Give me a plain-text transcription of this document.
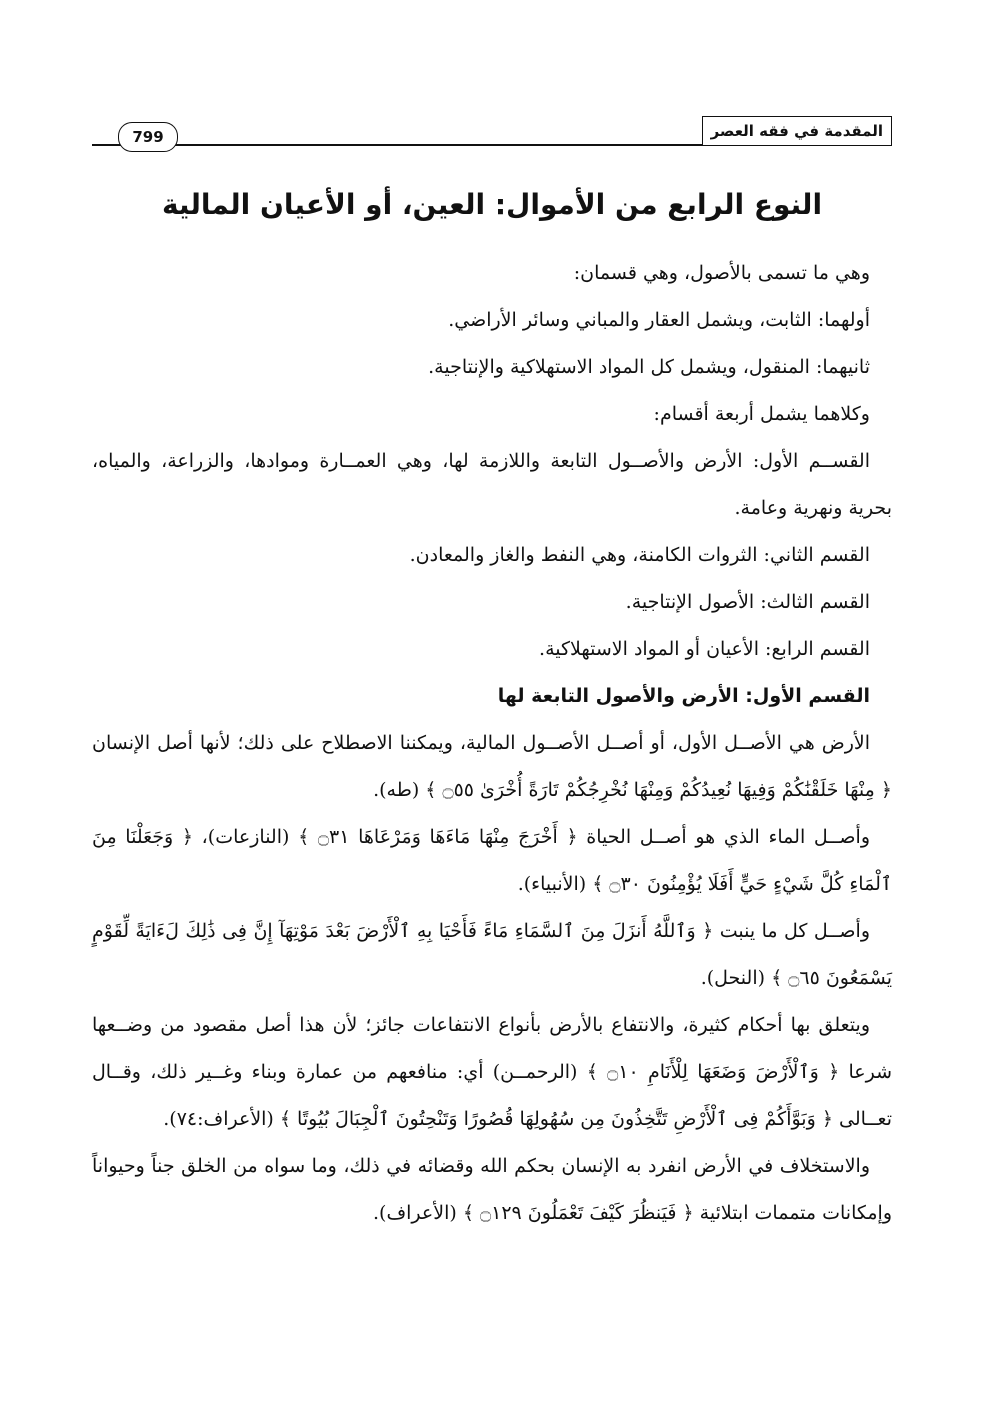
المقدمة في فقه العصر
799
النوع الرابع من الأموال: العين، أو الأعيان المالية

وهي ما تسمى بالأصول، وهي قسمان:

أولهما: الثابت، ويشمل العقار والمباني وسائر الأراضي.

ثانيهما: المنقول، ويشمل كل المواد الاستهلاكية والإنتاجية.

وكلاهما يشمل أربعة أقسام:

القســم الأول: الأرض والأصــول التابعة واللازمة لها، وهي العمــارة وموادها، والزراعة، والمياه، بحرية ونهرية وعامة.

القسم الثاني: الثروات الكامنة، وهي النفط والغاز والمعادن.

القسم الثالث: الأصول الإنتاجية.

القسم الرابع: الأعيان أو المواد الاستهلاكية.

القسم الأول: الأرض والأصول التابعة لها

الأرض هي الأصــل الأول، أو أصــل الأصــول المالية، ويمكننا الاصطلاح على ذلك؛ لأنها أصل الإنسان ﴿ مِنْهَا خَلَقْنَٰكُمْ وَفِيهَا نُعِيدُكُمْ وَمِنْهَا نُخْرِجُكُمْ تَارَةً أُخْرَىٰ ۝٥٥ ﴾ (طه).

وأصــل الماء الذي هو أصــل الحياة ﴿ أَخْرَجَ مِنْهَا مَاءَهَا وَمَرْعَاهَا ۝٣١ ﴾ (النازعات)، ﴿ وَجَعَلْنَا مِنَ ٱلْمَاءِ كُلَّ شَيْءٍ حَيٍّ أَفَلَا يُؤْمِنُونَ ۝٣٠ ﴾ (الأنبياء).

وأصــل كل ما ينبت ﴿ وَٱللَّهُ أَنزَلَ مِنَ ٱلسَّمَاءِ مَاءً فَأَحْيَا بِهِ ٱلْأَرْضَ بَعْدَ مَوْتِهَآ إِنَّ فِى ذَٰلِكَ لَءَايَةً لِّقَوْمٍ يَسْمَعُونَ ۝٦٥ ﴾ (النحل).

ويتعلق بها أحكام كثيرة، والانتفاع بالأرض بأنواع الانتفاعات جائز؛ لأن هذا أصل مقصود من وضــعها شرعا ﴿ وَٱلْأَرْضَ وَضَعَهَا لِلْأَنَامِ ۝١٠ ﴾ (الرحمــن) أي: منافعهم من عمارة وبناء وغــير ذلك، وقــال تعــالى ﴿ وَبَوَّأَكُمْ فِى ٱلْأَرْضِ تَتَّخِذُونَ مِن سُهُولِهَا قُصُورًا وَتَنْحِتُونَ ٱلْجِبَالَ بُيُوتًا ﴾ (الأعراف:٧٤).

والاستخلاف في الأرض انفرد به الإنسان بحكم الله وقضائه في ذلك، وما سواه من الخلق جناً وحيواناً وإمكانات متممات ابتلائية ﴿ فَيَنظُرَ كَيْفَ تَعْمَلُونَ ۝١٢٩ ﴾ (الأعراف).
